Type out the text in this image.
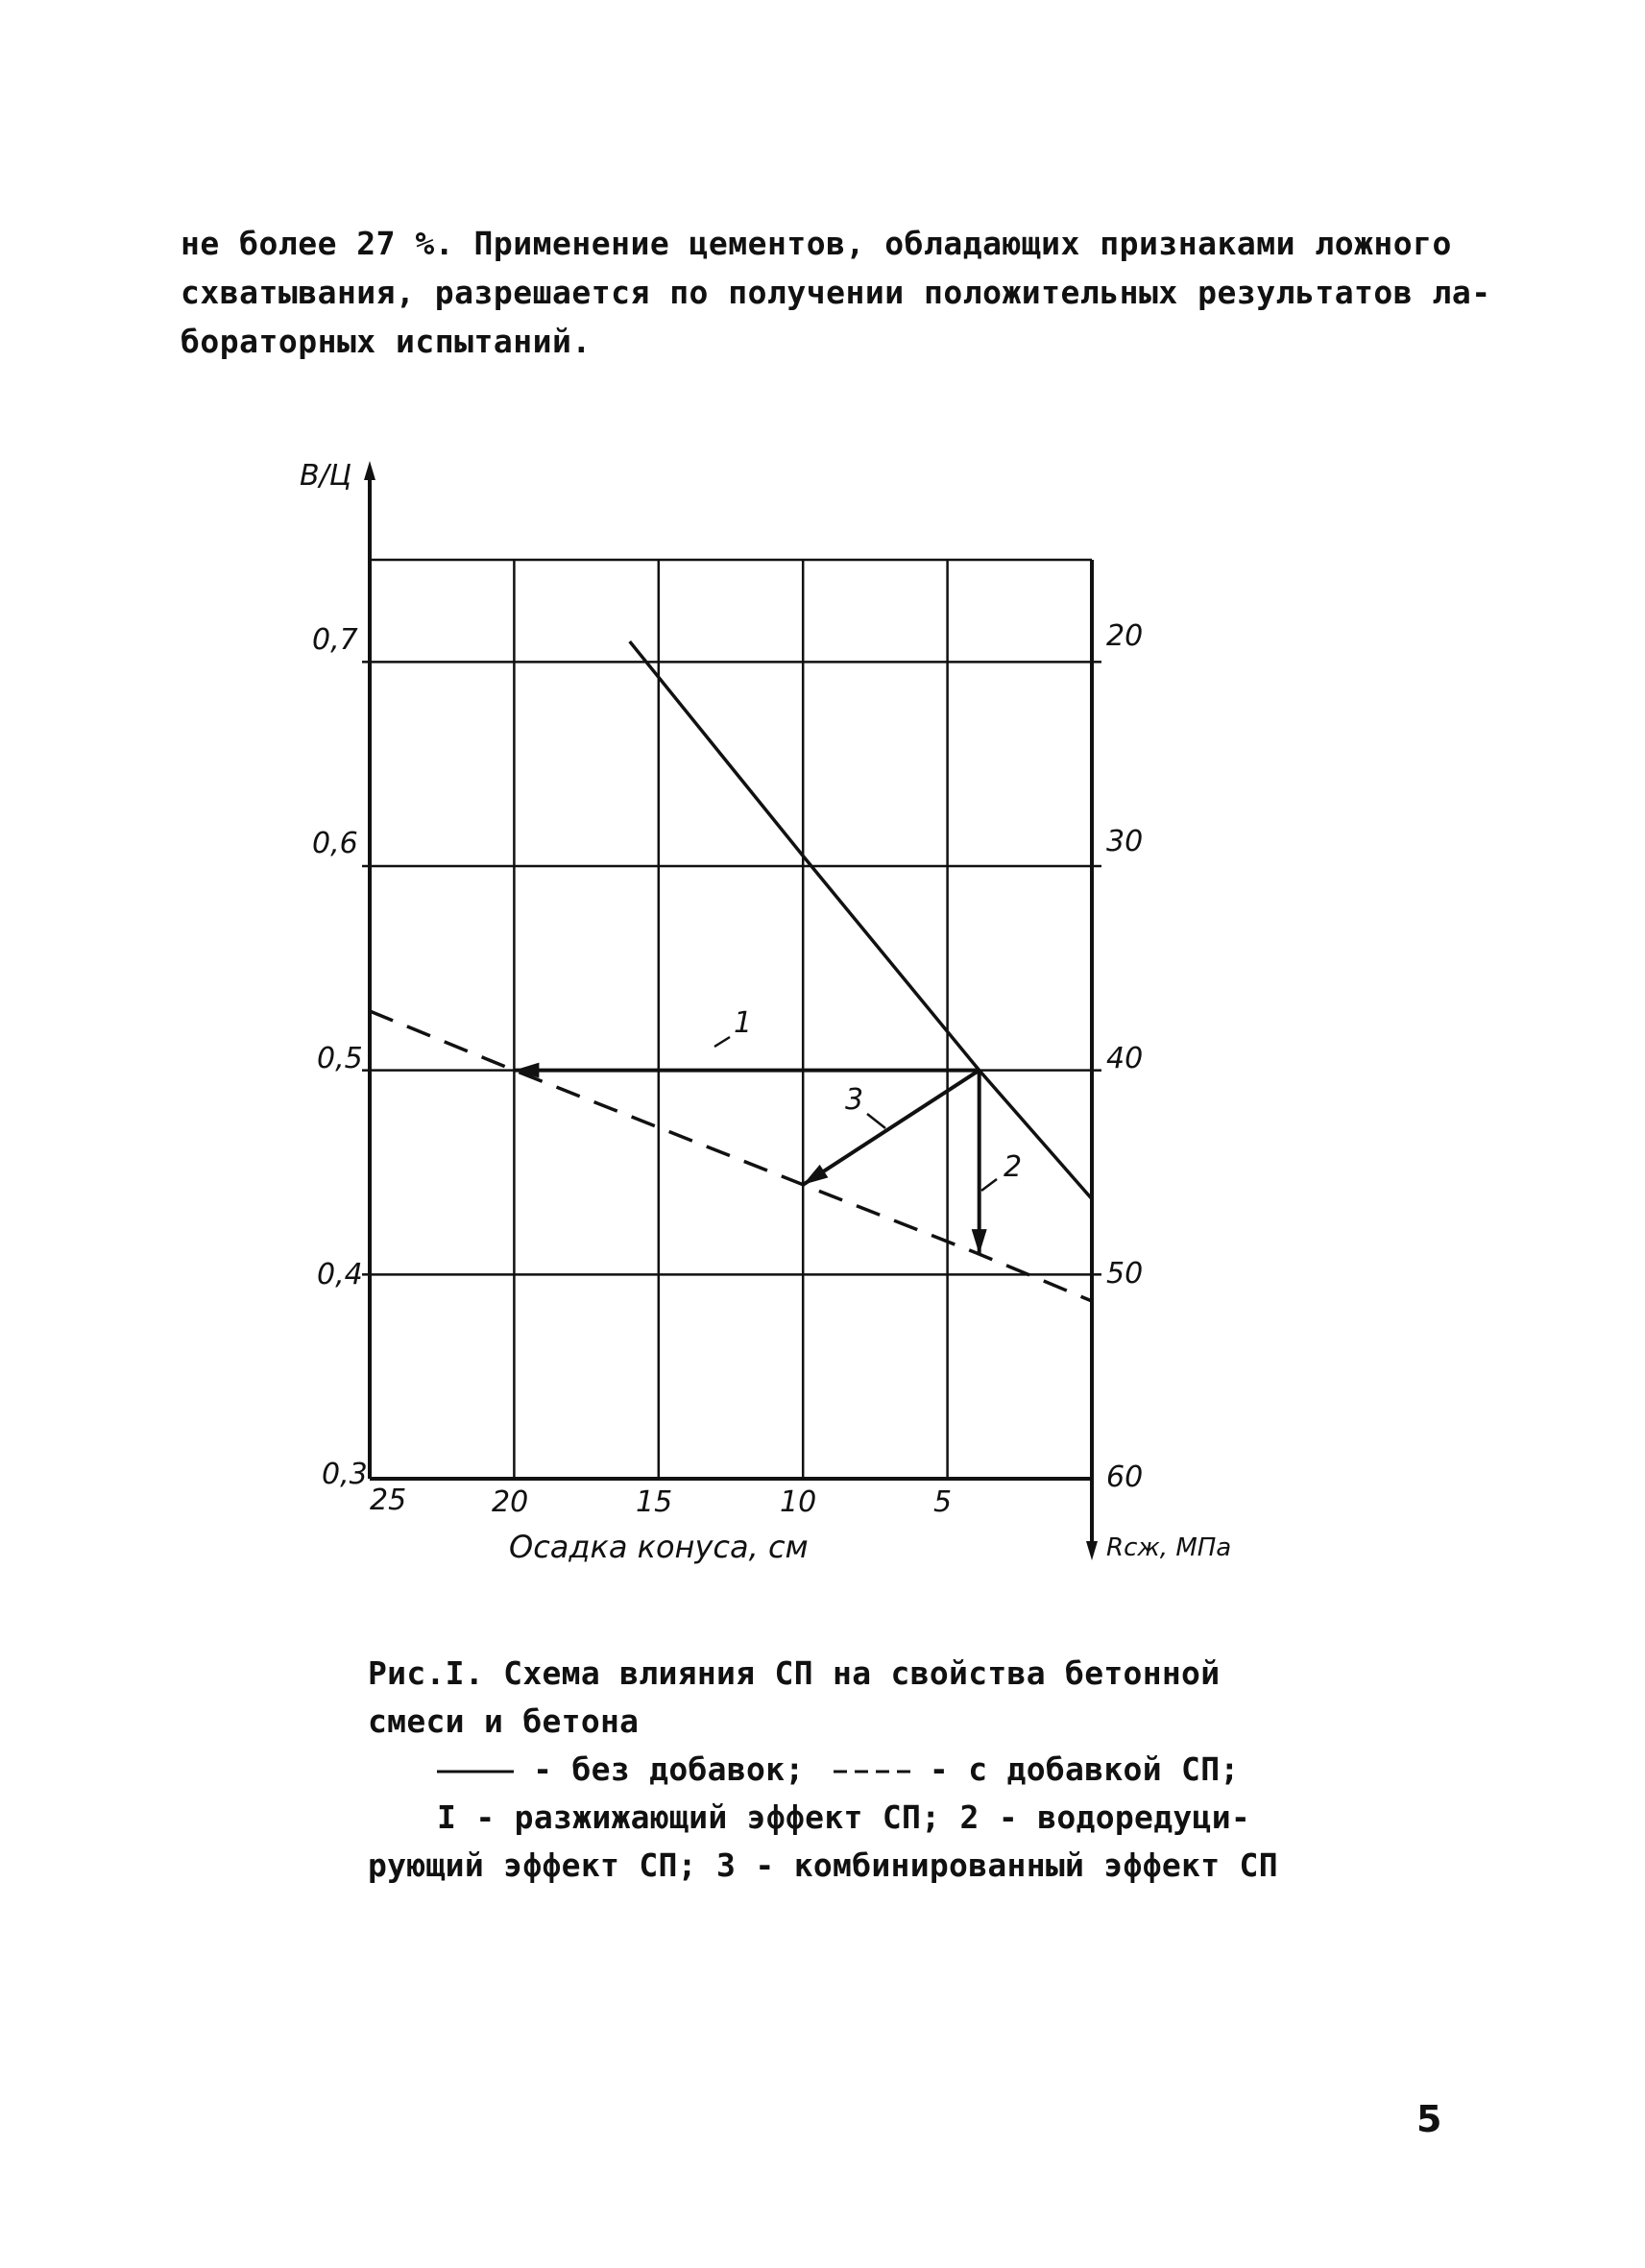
не более 27 %. Применение цементов, обладающих признаками ложного
схватывания, разрешается по получении положительных результатов ла-
бораторных испытаний.
В/Ц
0,7
0,6
0,5
0,4
0,3
20
30
40
50
60
25	20	15	10	5
Осадка конуса, см	Rсж, МПа
1
2
3
Рис.I. Схема влияния СП на свойства бетонной
смеси и бетона
- без добавок;	- с добавкой СП;
I - разжижающий эффект СП; 2 - водоредуци-
рующий эффект СП; 3 - комбинированный эффект СП
5
